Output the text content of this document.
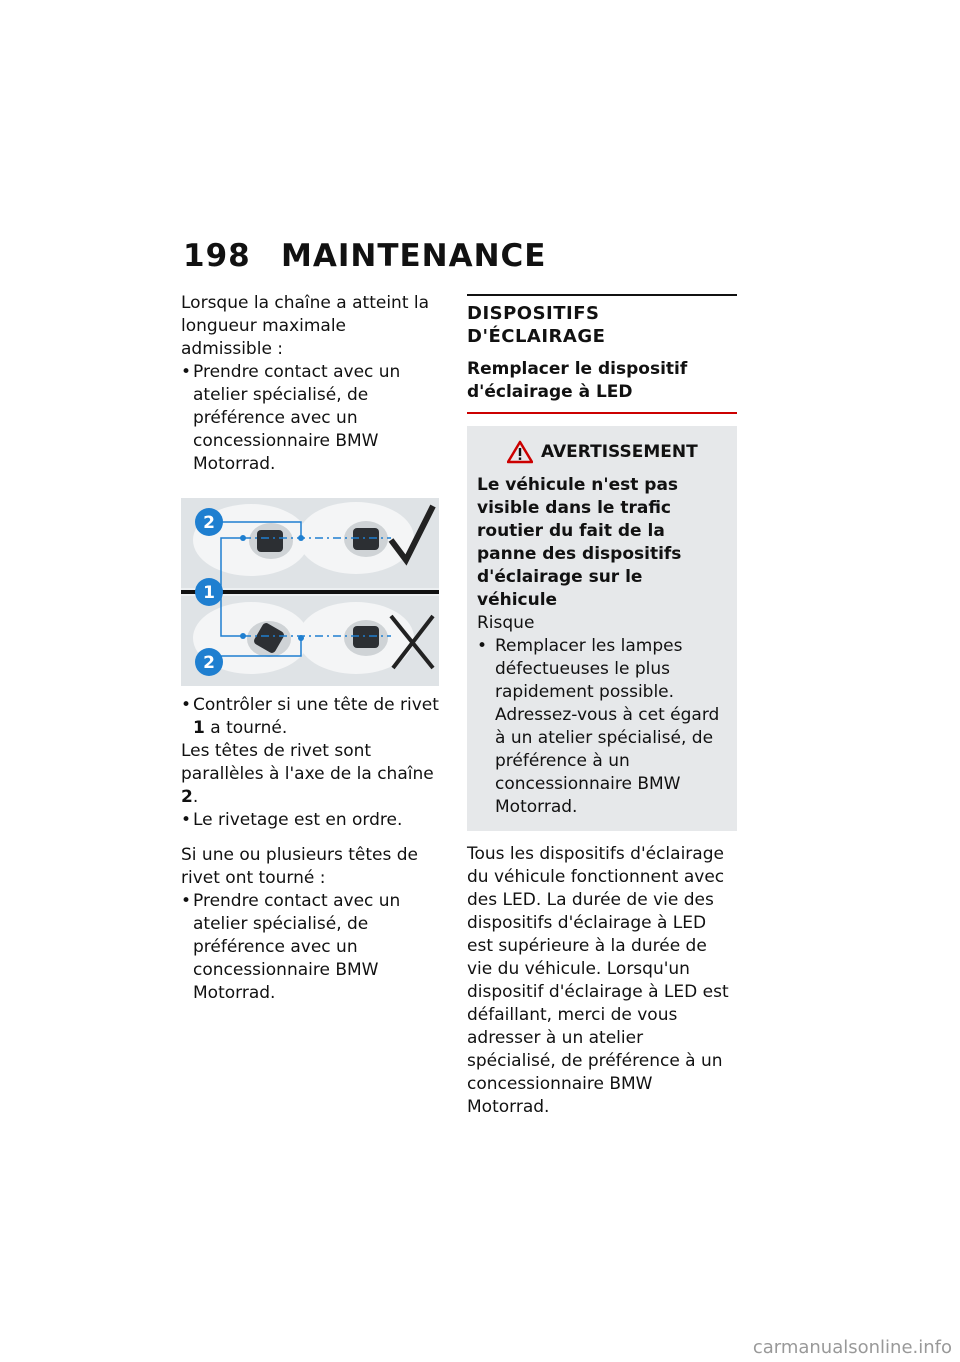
198 MAINTENANCE

Lorsque la chaîne a atteint la longueur maximale admissible :

• Prendre contact avec un atelier spécialisé, de préférence avec un concessionnaire BMW Motorrad.

2
1
2

• Contrôler si une tête de rivet 1 a tourné.

Les têtes de rivet sont parallèles à l'axe de la chaîne 2.

• Le rivetage est en ordre.

Si une ou plusieurs têtes de rivet ont tourné :

• Prendre contact avec un atelier spécialisé, de préférence avec un concessionnaire BMW Motorrad.

DISPOSITIFS D'ÉCLAIRAGE
Remplacer le dispositif d'éclairage à LED
AVERTISSEMENT

Le véhicule n'est pas visible dans le trafic routier du fait de la panne des dispositifs d'éclairage sur le véhicule

Risque

• Remplacer les lampes défectueuses le plus rapidement possible. Adressez-vous à cet égard à un atelier spécialisé, de préférence à un concessionnaire BMW Motorrad.

Tous les dispositifs d'éclairage du véhicule fonctionnent avec des LED. La durée de vie des dispositifs d'éclairage à LED est supérieure à la durée de vie du véhicule. Lorsqu'un dispositif d'éclairage à LED est défaillant, merci de vous adresser à un atelier spécialisé, de préférence à un concessionnaire BMW Motorrad.

carmanualsonline.info
